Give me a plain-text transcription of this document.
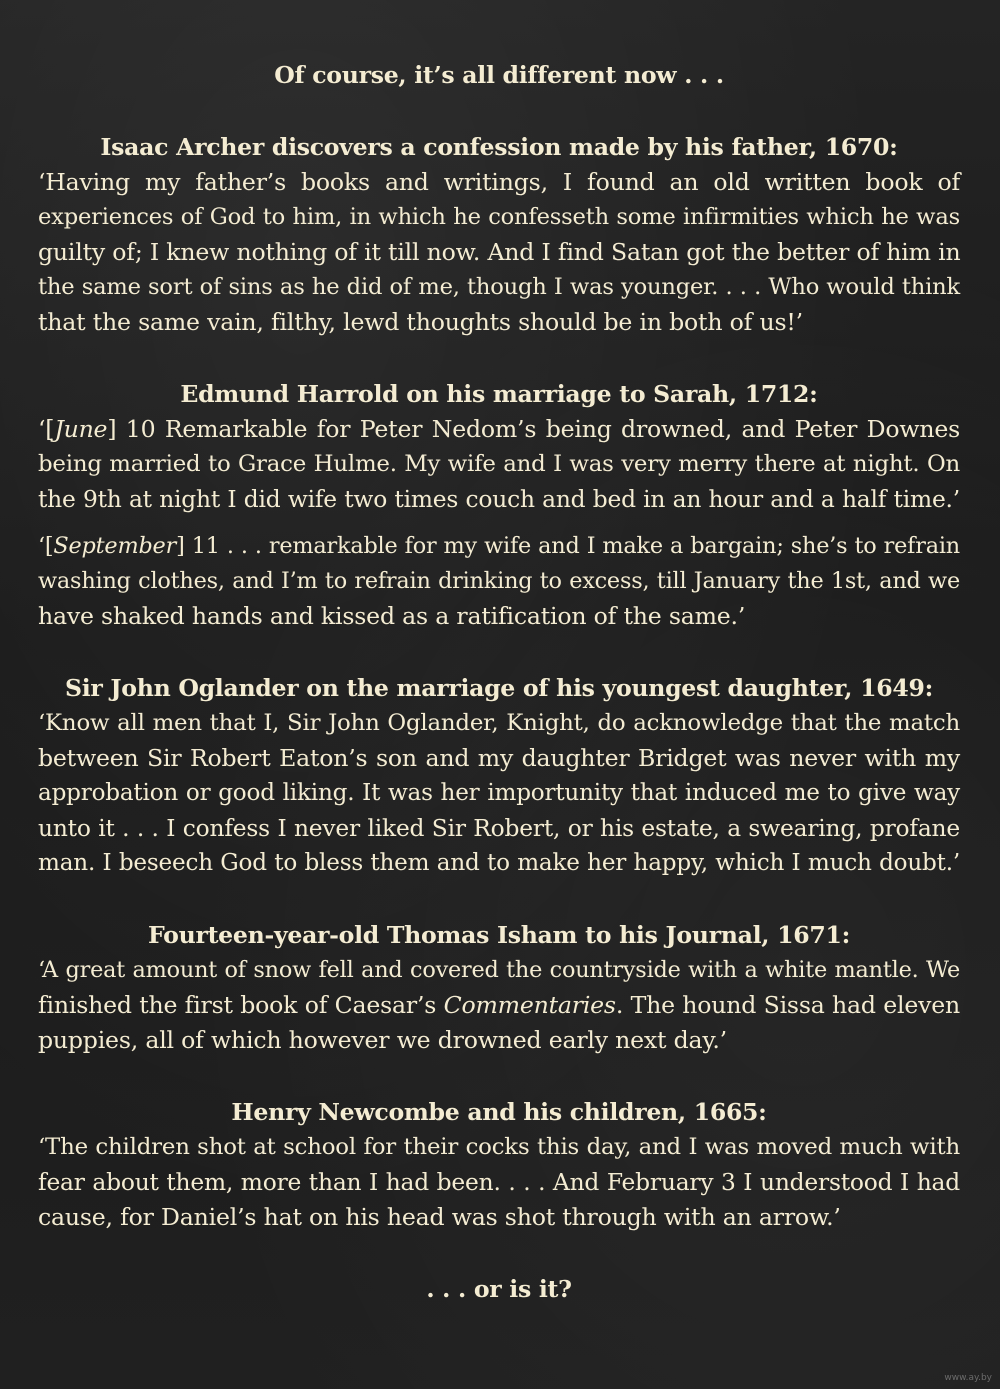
Of course, it’s all different now . . .
Isaac Archer discovers a confession made by his father, 1670:
‘Having my father’s books and writings, I found an old written book of
experiences of God to him, in which he confesseth some infirmities which he was
guilty of; I knew nothing of it till now. And I find Satan got the better of him in
the same sort of sins as he did of me, though I was younger. . . . Who would think
that the same vain, filthy, lewd thoughts should be in both of us!’
Edmund Harrold on his marriage to Sarah, 1712:
‘[June] 10 Remarkable for Peter Nedom’s being drowned, and Peter Downes
being married to Grace Hulme. My wife and I was very merry there at night. On
the 9th at night I did wife two times couch and bed in an hour and a half time.’
‘[September] 11 . . . remarkable for my wife and I make a bargain; she’s to refrain
washing clothes, and I’m to refrain drinking to excess, till January the 1st, and we
have shaked hands and kissed as a ratification of the same.’
Sir John Oglander on the marriage of his youngest daughter, 1649:
‘Know all men that I, Sir John Oglander, Knight, do acknowledge that the match
between Sir Robert Eaton’s son and my daughter Bridget was never with my
approbation or good liking. It was her importunity that induced me to give way
unto it . . . I confess I never liked Sir Robert, or his estate, a swearing, profane
man. I beseech God to bless them and to make her happy, which I much doubt.’
Fourteen-year-old Thomas Isham to his Journal, 1671:
‘A great amount of snow fell and covered the countryside with a white mantle. We
finished the first book of Caesar’s Commentaries. The hound Sissa had eleven
puppies, all of which however we drowned early next day.’
Henry Newcombe and his children, 1665:
‘The children shot at school for their cocks this day, and I was moved much with
fear about them, more than I had been. . . . And February 3 I understood I had
cause, for Daniel’s hat on his head was shot through with an arrow.’
. . . or is it?
www.ay.by
